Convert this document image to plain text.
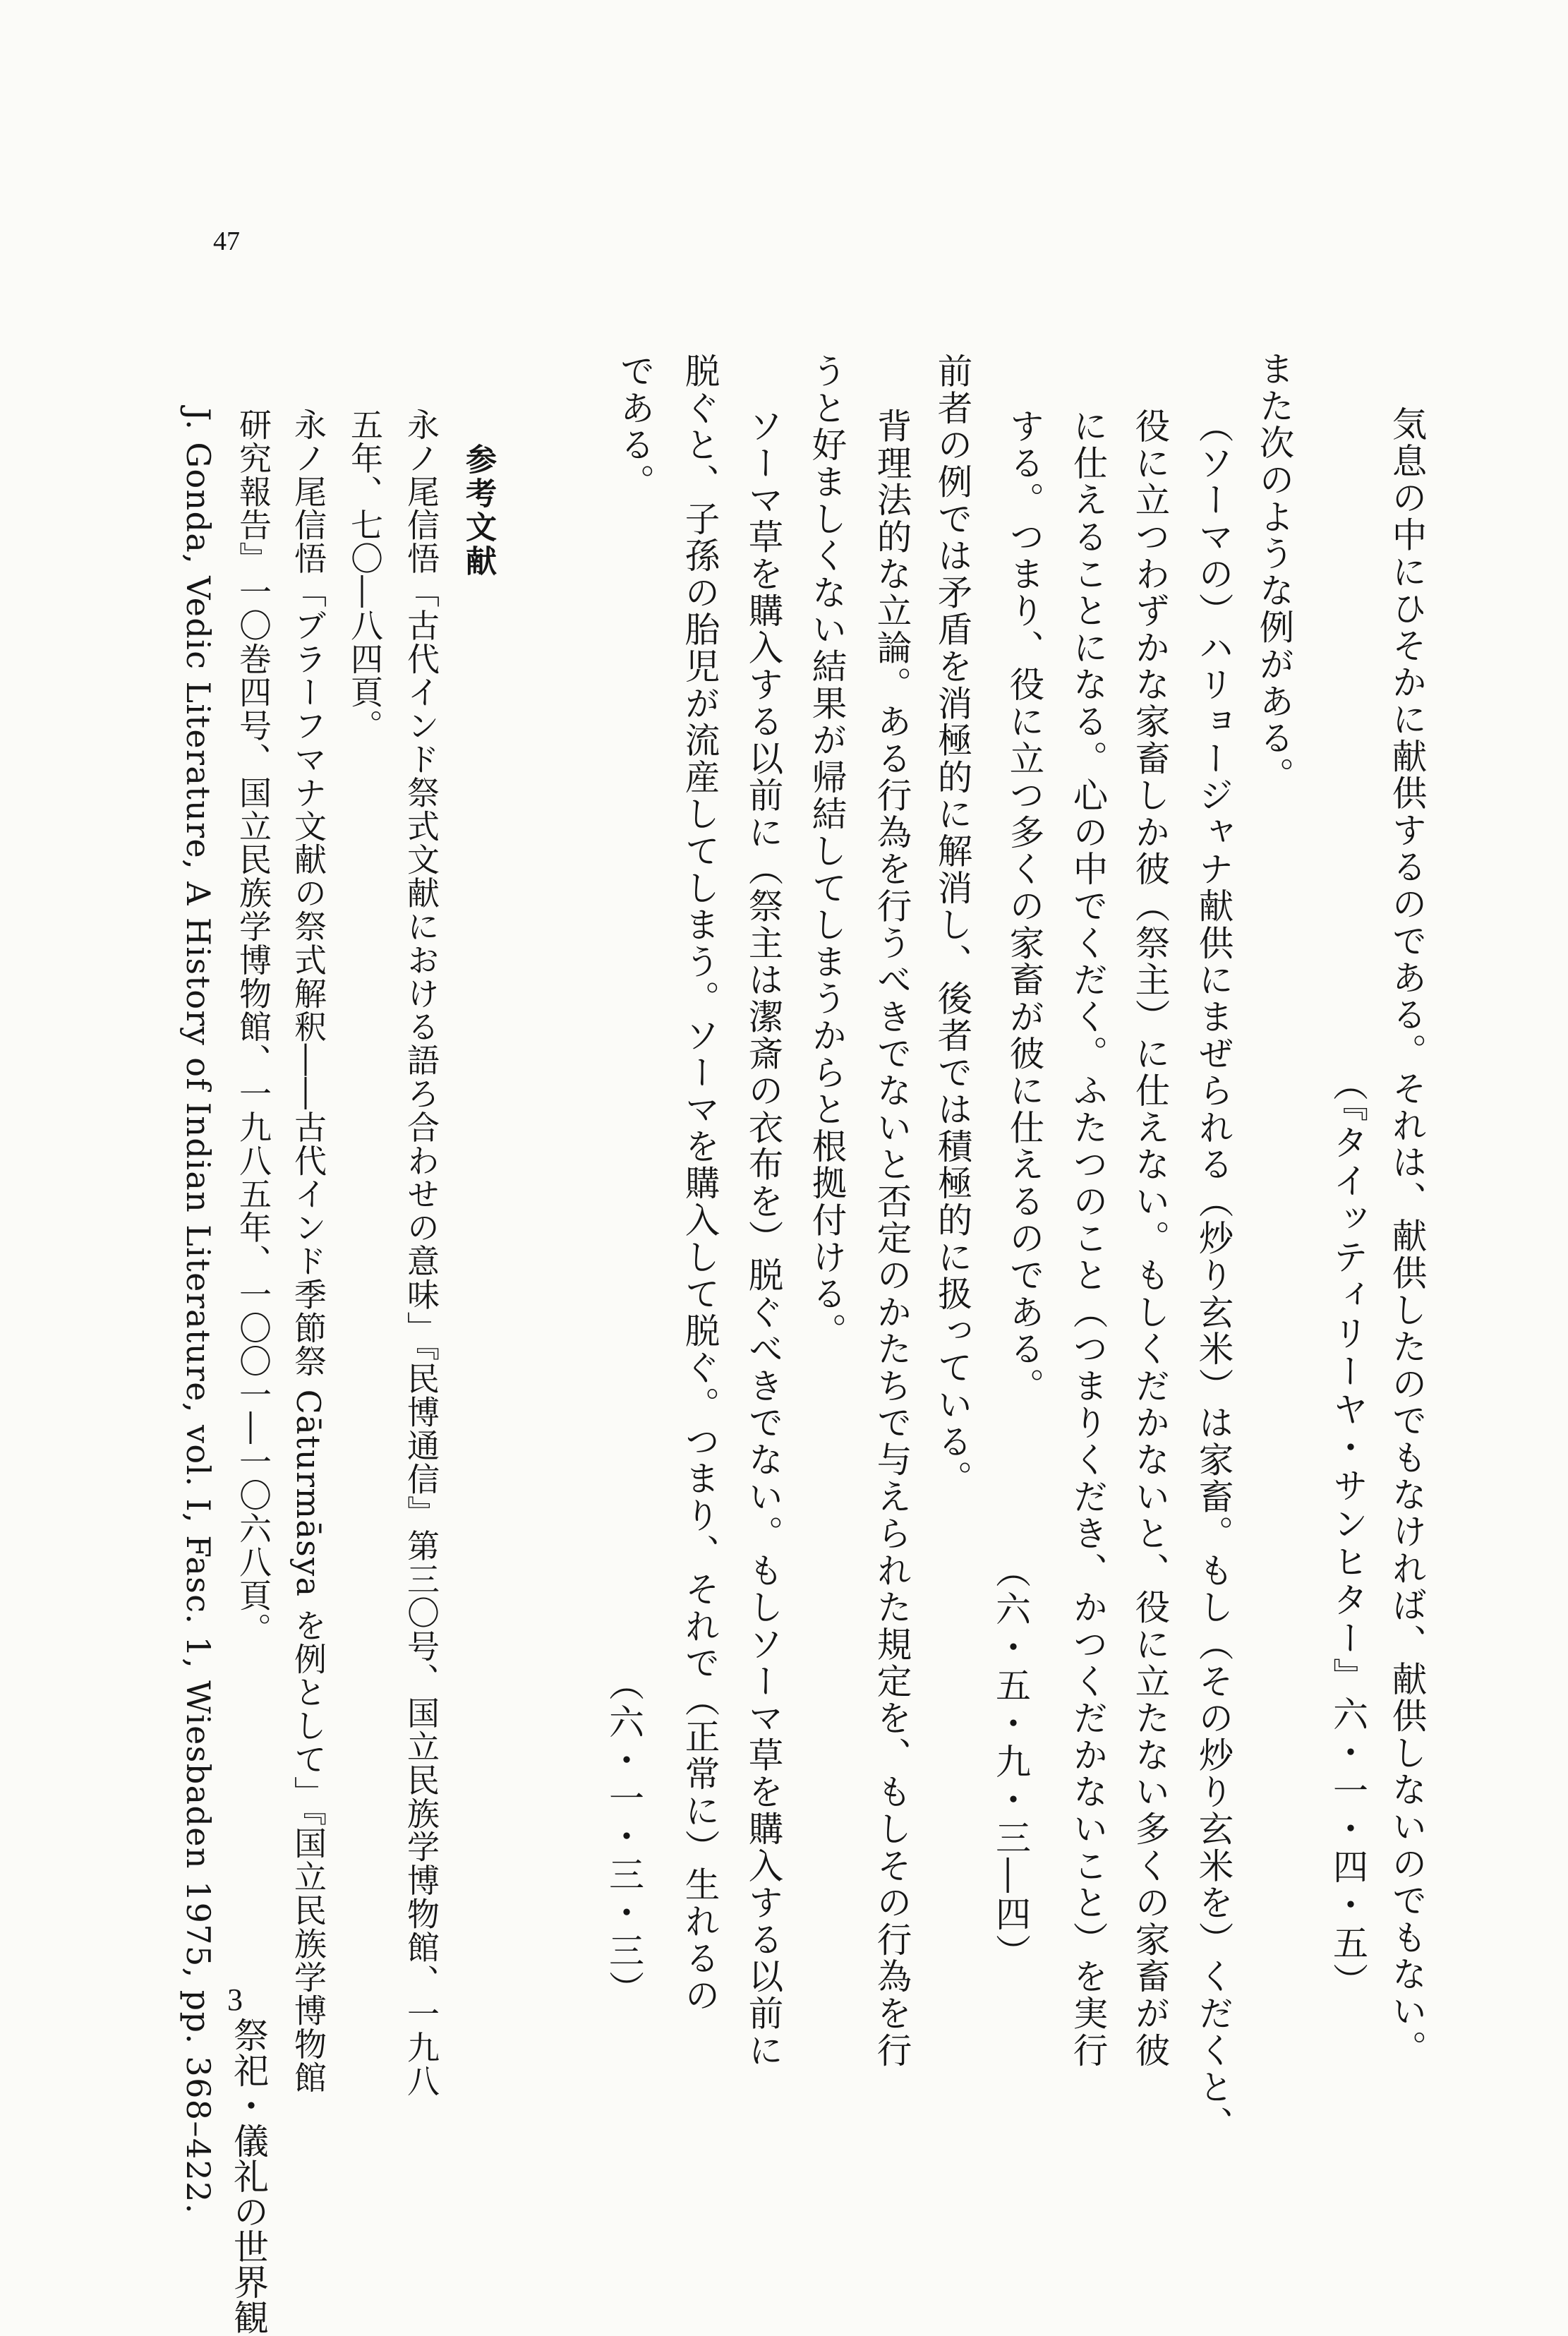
47
気息の中にひそかに献供するのである。それは、献供したのでもなければ、献供しないのでもない。
（『タイッティリーヤ・サンヒター』六・一・四・五）
また次のような例がある。
（ソーマの）ハリョージャナ献供にまぜられる（炒り玄米）は家畜。もし（その炒り玄米を）くだくと、
役に立つわずかな家畜しか彼（祭主）に仕えない。もしくだかないと、役に立たない多くの家畜が彼
に仕えることになる。心の中でくだく。ふたつのこと（つまりくだき、かつくだかないこと）を実行
する。つまり、役に立つ多くの家畜が彼に仕えるのである。
（六・五・九・三―四）
前者の例では矛盾を消極的に解消し、後者では積極的に扱っている。
背理法的な立論。ある行為を行うべきでないと否定のかたちで与えられた規定を、もしその行為を行
うと好ましくない結果が帰結してしまうからと根拠付ける。
ソーマ草を購入する以前に（祭主は潔斎の衣布を）脱ぐべきでない。もしソーマ草を購入する以前に
脱ぐと、子孫の胎児が流産してしまう。ソーマを購入して脱ぐ。つまり、それで（正常に）生れるの
である。
（六・一・三・三）
参考文献
永ノ尾信悟「古代インド祭式文献における語ろ合わせの意味」『民博通信』第三〇号、国立民族学博物館、一九八
五年、七〇―八四頁。
永ノ尾信悟「ブラーフマナ文献の祭式解釈――古代インド季節祭 Cāturmāsya を例として」『国立民族学博物館
研究報告』一〇巻四号、国立民族学博物館、一九八五年、一〇〇一―一〇六八頁。
J. Gonda, Vedic Literature, A History of Indian Literature, vol. I, Fasc. 1, Wiesbaden 1975, pp. 368–422. 3
祭祀・儀礼の世界観
